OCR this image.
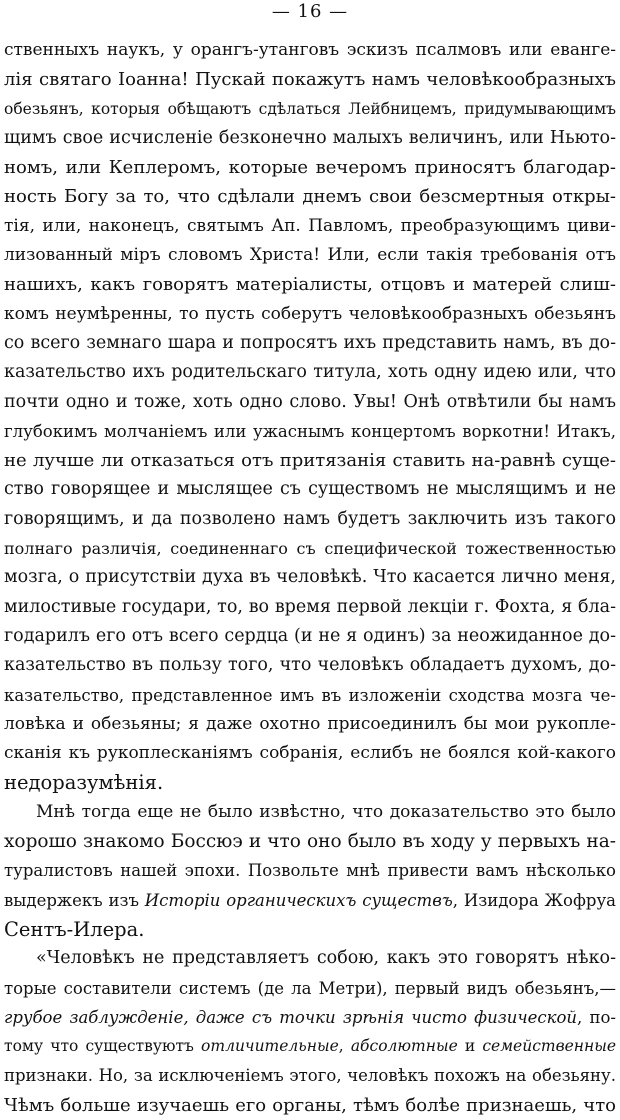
— 16 —
ственныхъ наукъ, у орангъ-утанговъ эскизъ псалмовъ или еванге-
лія святаго Іоанна! Пускай покажутъ намъ человѣкообразныхъ
обезьянъ, которыя обѣщаютъ сдѣлаться Лейбницемъ, придумывающимъ
щимъ свое исчисленіе безконечно малыхъ величинъ, или Ньюто-
номъ, или Кеплеромъ, которые вечеромъ приносятъ благодар-
ность Богу за то, что сдѣлали днемъ свои безсмертныя откры-
тія, или, наконецъ, святымъ Ап. Павломъ, преобразующимъ циви-
лизованный міръ словомъ Христа! Или, если такія требованія отъ
нашихъ, какъ говорятъ матеріалисты, отцовъ и матерей слиш-
комъ неумѣренны, то пусть соберутъ человѣкообразныхъ обезьянъ
со всего земнаго шара и попросятъ ихъ представить намъ, въ до-
казательство ихъ родительскаго титула, хоть одну идею или, что
почти одно и тоже, хоть одно слово. Увы! Онѣ отвѣтили бы намъ
глубокимъ молчаніемъ или ужаснымъ концертомъ воркотни! Итакъ,
не лучше ли отказаться отъ притязанія ставить на-равнѣ суще-
ство говорящее и мыслящее съ существомъ не мыслящимъ и не
говорящимъ, и да позволено намъ будетъ заключить изъ такого
полнаго различія, соединеннаго съ специфической тожественностью
мозга, о присутствіи духа въ человѣкѣ. Что касается лично меня,
милостивые государи, то, во время первой лекціи г. Фохта, я бла-
годарилъ его отъ всего сердца (и не я одинъ) за неожиданное до-
казательство въ пользу того, что человѣкъ обладаетъ духомъ, до-
казательство, представленное имъ въ изложеніи сходства мозга че-
ловѣка и обезьяны; я даже охотно присоединилъ бы мои рукопле-
сканія къ рукоплесканіямъ собранія, еслибъ не боялся кой-какого
недоразумѣнія.
Мнѣ тогда еще не было извѣстно, что доказательство это было
хорошо знакомо Боссюэ и что оно было въ ходу у первыхъ на-
туралистовъ нашей эпохи. Позвольте мнѣ привести вамъ нѣсколько
выдержекъ изъ Исторіи органическихъ существъ, Изидора Жофруа
Сентъ-Илера.
«Человѣкъ не представляетъ собою, какъ это говорятъ нѣко-
торые составители системъ (де ла Метри), первый видъ обезьянъ,—
грубое заблужденіе, даже съ точки зрѣнія чисто физической, по-
тому что существуютъ отличительные, абсолютные и семейственные
признаки. Но, за исключеніемъ этого, человѣкъ похожъ на обезьяну.
Чѣмъ больше изучаешь его органы, тѣмъ болѣе признаешь, что
